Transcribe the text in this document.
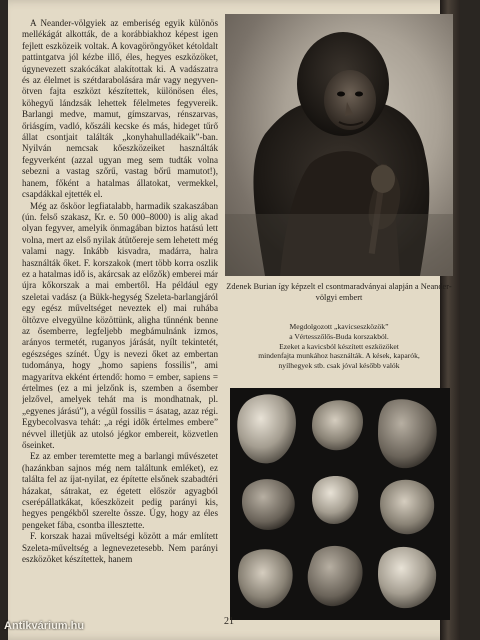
A Neander-völgyiek az emberiség egyik különös mellékágát alkották, de a korábbiakhoz képest igen fejlett eszközeik voltak. A kovagöröngyöket kétoldalt pattintgatva jól kézbe illő, éles, hegyes eszközöket, úgynevezett szakócákat alakítottak ki. A vadászatra és az élelmet is szétdarabolására már vagy negyven-ötven fajta eszközt készítettek, különösen éles, köhegyű lándzsák lehettek félelmetes fegyvereik. Barlangi medve, mamut, gímszarvas, rénszarvas, őriásgím, vadló, kőszáli kecske és más, hideget tűrő állat csontjait találták „konyhahulladékaik”-ban. Nyilván nemcsak kőeszközeiket használták fegyverként (azzal ugyan meg sem tudták volna sebezni a vastag szőrű, vastag bőrű mamutot!), hanem, főként a hatalmas állatokat, vermekkel, csapdákkal ejtették el.

Még az ősköor legfiatalabb, harmadik szakaszában (ún. felső szakasz, Kr. e. 50 000–8000) is alig akad olyan fegyver, amelyik önmagában biztos hatású lett volna, mert az első nyilak átütőereje sem lehetett még valami nagy. Inkább kisvadra, madárra, halra használták őket. F. korszakok (mert több korra oszlik ez a hatalmas idő is, akárcsak az előzők) emberei már újra kőkorszak a mai embertől. Ha például egy szeletai vadász (a Bükk-hegység Szeleta-barlangjáról egy egész műveltséget neveztek el) mai ruhába öltözve elvegyülne közöttünk, aligha tűnnénk benne az ősemberre, legfeljebb megbámulnánk izmos, arányos termetét, ruganyos járását, nyílt tekintetét, egészséges színét. Úgy is nevezi őket az embertan tudománya, hogy „homo sapiens fossilis”, ami magyarítva ekként értendő: homo = ember, sapiens = értelmes (ez a mi jelzőnk is, szemben a ősember jelzővel, amelyek tehát ma is mondhatnak, pl. „egyenes járású”), a végül fossilis = ásatag, azaz régi. Egybecolvasva tehát: „a régi idők értelmes embere” névvel illetjük az utolsó jégkor embereit, közvetlen őseinket.

Ez az ember teremtette meg a barlangi művészetet (hazánkban sajnos még nem találtunk emléket), ez találta fel az íjat-nyilat, ez építette elsőnek szabadtéri házakat, sátrakat, ez égetett először agyagból cserépállatkákat, kőeszközeit pedig parányi kis, hegyes pengékből szerelte össze. Úgy, hogy az éles pengeket fába, csontba illesztette.

F. korszak hazai műveltségi között a már említett Szeleta-műveltség a legnevezetesebb. Nem parányi eszközöket készítettek, hanem

Zdenek Burian így képzelt el csontmaradványai alapján a Neander-völgyi embert
Megdolgozott „kavicseszközök”
a Vértesszőlős-Buda korszakból.
Ezeket a kavicsból készített eszközöket
mindenfajta munkához használták. A kések, kaparók,
nyílhegyek stb. csak jóval később valók
21
Antikvárium.hu
